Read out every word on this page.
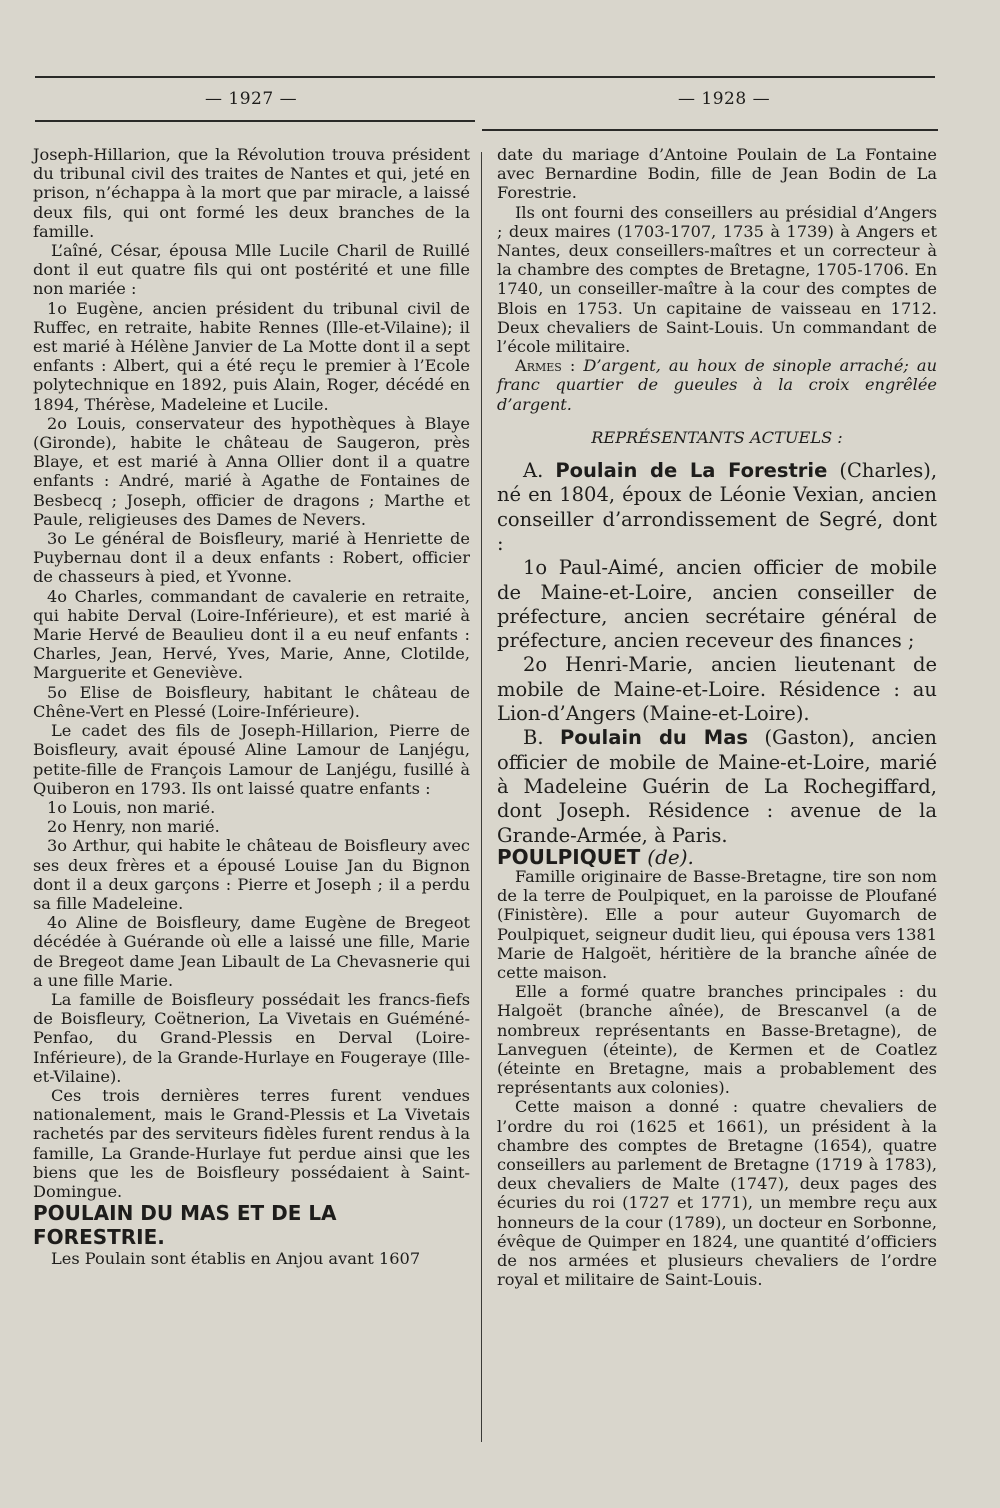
— 1927 —	— 1928 —

Joseph-Hillarion, que la Révolution trouva président du tribunal civil des traites de Nantes et qui, jeté en prison, n’échappa à la mort que par miracle, a laissé deux fils, qui ont formé les deux branches de la famille.

L’aîné, César, épousa Mlle Lucile Charil de Ruillé dont il eut quatre fils qui ont postérité et une fille non mariée :

1o Eugène, ancien président du tribunal civil de Ruffec, en retraite, habite Rennes (Ille-et-Vilaine); il est marié à Hélène Janvier de La Motte dont il a sept enfants : Albert, qui a été reçu le premier à l’Ecole polytechnique en 1892, puis Alain, Roger, décédé en 1894, Thérèse, Madeleine et Lucile.

2o Louis, conservateur des hypothèques à Blaye (Gironde), habite le château de Saugeron, près Blaye, et est marié à Anna Ollier dont il a quatre enfants : André, marié à Agathe de Fontaines de Besbecq ; Joseph, officier de dragons ; Marthe et Paule, religieuses des Dames de Nevers.

3o Le général de Boisfleury, marié à Henriette de Puybernau dont il a deux enfants : Robert, officier de chasseurs à pied, et Yvonne.

4o Charles, commandant de cavalerie en retraite, qui habite Derval (Loire-Inférieure), et est marié à Marie Hervé de Beaulieu dont il a eu neuf enfants : Charles, Jean, Hervé, Yves, Marie, Anne, Clotilde, Marguerite et Geneviève.

5o Elise de Boisfleury, habitant le château de Chêne-Vert en Plessé (Loire-Inférieure).

Le cadet des fils de Joseph-Hillarion, Pierre de Boisfleury, avait épousé Aline Lamour de Lanjégu, petite-fille de François Lamour de Lanjégu, fusillé à Quiberon en 1793. Ils ont laissé quatre enfants :

1o Louis, non marié.

2o Henry, non marié.

3o Arthur, qui habite le château de Boisfleury avec ses deux frères et a épousé Louise Jan du Bignon dont il a deux garçons : Pierre et Joseph ; il a perdu sa fille Madeleine.

4o Aline de Boisfleury, dame Eugène de Bregeot décédée à Guérande où elle a laissé une fille, Marie de Bregeot dame Jean Libault de La Chevasnerie qui a une fille Marie.

La famille de Boisfleury possédait les francs-fiefs de Boisfleury, Coëtnerion, La Vivetais en Guéméné-Penfao, du Grand-Plessis en Derval (Loire-Inférieure), de la Grande-Hurlaye en Fougeraye (Ille-et-Vilaine).

Ces trois dernières terres furent vendues nationalement, mais le Grand-Plessis et La Vivetais rachetés par des serviteurs fidèles furent rendus à la famille, La Grande-Hurlaye fut perdue ainsi que les biens que les de Boisfleury possédaient à Saint-Domingue.

POULAIN DU MAS ET DE LA FORESTRIE.

Les Poulain sont établis en Anjou avant 1607

date du mariage d’Antoine Poulain de La Fontaine avec Bernardine Bodin, fille de Jean Bodin de La Forestrie.

Ils ont fourni des conseillers au présidial d’Angers ; deux maires (1703-1707, 1735 à 1739) à Angers et Nantes, deux conseillers-maîtres et un correcteur à la chambre des comptes de Bretagne, 1705-1706. En 1740, un conseiller-maître à la cour des comptes de Blois en 1753. Un capitaine de vaisseau en 1712. Deux chevaliers de Saint-Louis. Un commandant de l’école militaire.

Armes : D’argent, au houx de sinople arraché; au franc quartier de gueules à la croix engrêlée d’argent.

REPRÉSENTANTS ACTUELS :

A. Poulain de La Forestrie (Charles), né en 1804, époux de Léonie Vexian, ancien conseiller d’arrondissement de Segré, dont :

1o Paul-Aimé, ancien officier de mobile de Maine-et-Loire, ancien conseiller de préfecture, ancien secrétaire général de préfecture, ancien receveur des finances ;

2o Henri-Marie, ancien lieutenant de mobile de Maine-et-Loire. Résidence : au Lion-d’Angers (Maine-et-Loire).

B. Poulain du Mas (Gaston), ancien officier de mobile de Maine-et-Loire, marié à Madeleine Guérin de La Rochegiffard, dont Joseph. Résidence : avenue de la Grande-Armée, à Paris.

POULPIQUET (de).

Famille originaire de Basse-Bretagne, tire son nom de la terre de Poulpiquet, en la paroisse de Ploufané (Finistère). Elle a pour auteur Guyomarch de Poulpiquet, seigneur dudit lieu, qui épousa vers 1381 Marie de Halgoët, héritière de la branche aînée de cette maison.

Elle a formé quatre branches principales : du Halgoët (branche aînée), de Brescanvel (a de nombreux représentants en Basse-Bretagne), de Lanveguen (éteinte), de Kermen et de Coatlez (éteinte en Bretagne, mais a probablement des représentants aux colonies).

Cette maison a donné : quatre chevaliers de l’ordre du roi (1625 et 1661), un président à la chambre des comptes de Bretagne (1654), quatre conseillers au parlement de Bretagne (1719 à 1783), deux chevaliers de Malte (1747), deux pages des écuries du roi (1727 et 1771), un membre reçu aux honneurs de la cour (1789), un docteur en Sorbonne, évêque de Quimper en 1824, une quantité d’officiers de nos armées et plusieurs chevaliers de l’ordre royal et militaire de Saint-Louis.
